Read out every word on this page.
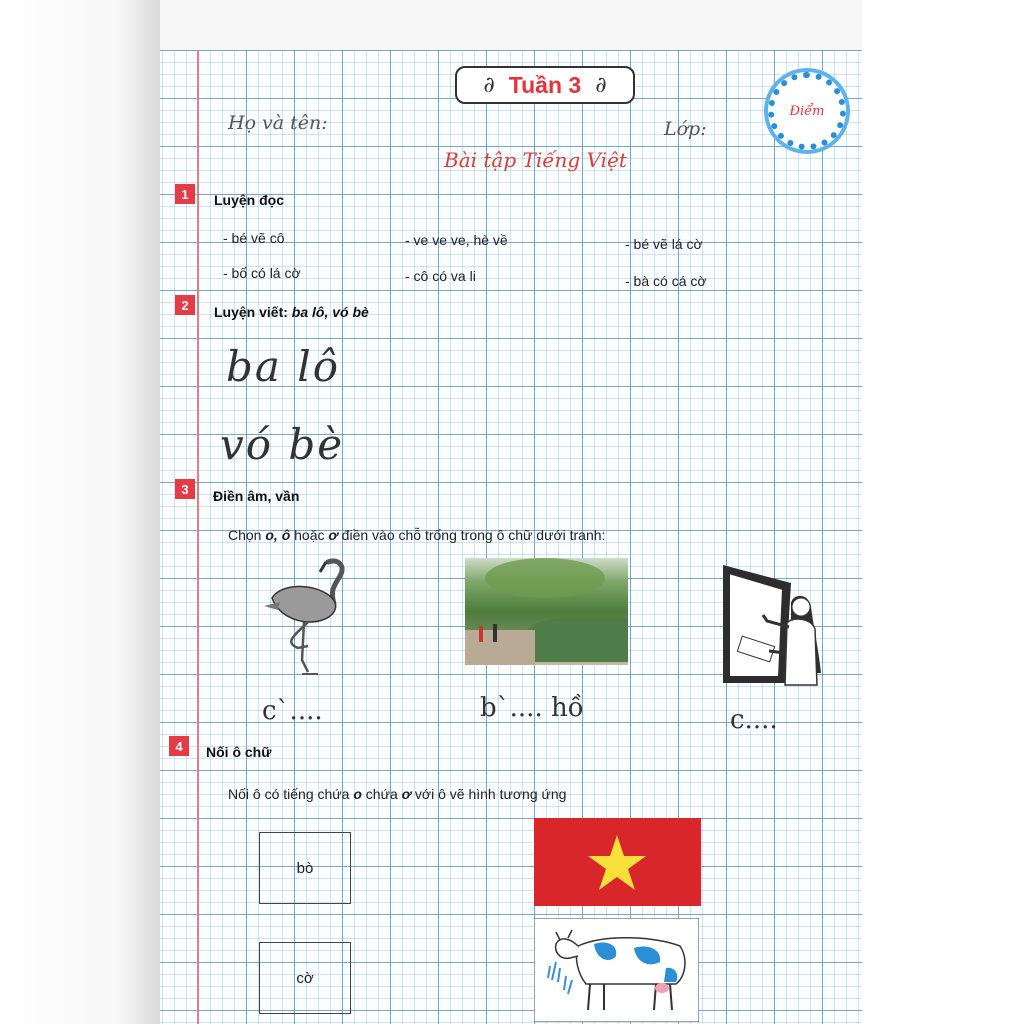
∂ Tuần 3 ∂
Điểm
Họ và tên:	Lớp:
Bài tập Tiếng Việt
1	Luyện đọc
- bé vẽ cô	- ve ve ve, hè về	- bé vẽ lá cờ
- bố có lá cờ	- cô có va li	- bà có cá cờ
2	Luyện viết: ba lô, vó bè
ba lô
vó bè
3	Điền âm, vần
Chọn o, ô hoặc ơ điền vào chỗ trống trong ô chữ dưới tranh:
c`....	b`.... hồ	c....
4	Nối ô chữ
Nối ô có tiếng chứa o chứa ơ với ô vẽ hình tương ứng
bò
cờ
